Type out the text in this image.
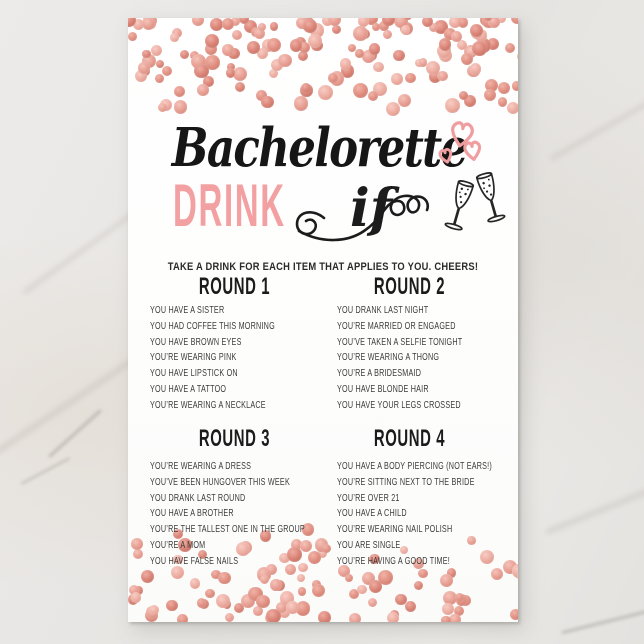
Bachelorette
DRINK if
TAKE A DRINK FOR EACH ITEM THAT APPLIES TO YOU. CHEERS!
ROUND 1	ROUND 2
YOU HAVE A SISTER
YOU HAD COFFEE THIS MORNING
YOU HAVE BROWN EYES
YOU’RE WEARING PINK
YOU HAVE LIPSTICK ON
YOU HAVE A TATTOO
YOU’RE WEARING A NECKLACE
YOU DRANK LAST NIGHT
YOU’RE MARRIED OR ENGAGED
YOU’VE TAKEN A SELFIE TONIGHT
YOU’RE WEARING A THONG
YOU’RE A BRIDESMAID
YOU HAVE BLONDE HAIR
YOU HAVE YOUR LEGS CROSSED
ROUND 3	ROUND 4
YOU’RE WEARING A DRESS
YOU’VE BEEN HUNGOVER THIS WEEK
YOU DRANK LAST ROUND
YOU HAVE A BROTHER
YOU’RE THE TALLEST ONE IN THE GROUP
YOU’RE A MOM
YOU HAVE FALSE NAILS
YOU HAVE A BODY PIERCING (NOT EARS!)
YOU’RE SITTING NEXT TO THE BRIDE
YOU’RE OVER 21
YOU HAVE A CHILD
YOU’RE WEARING NAIL POLISH
YOU ARE SINGLE
YOU’RE HAVING A GOOD TIME!
